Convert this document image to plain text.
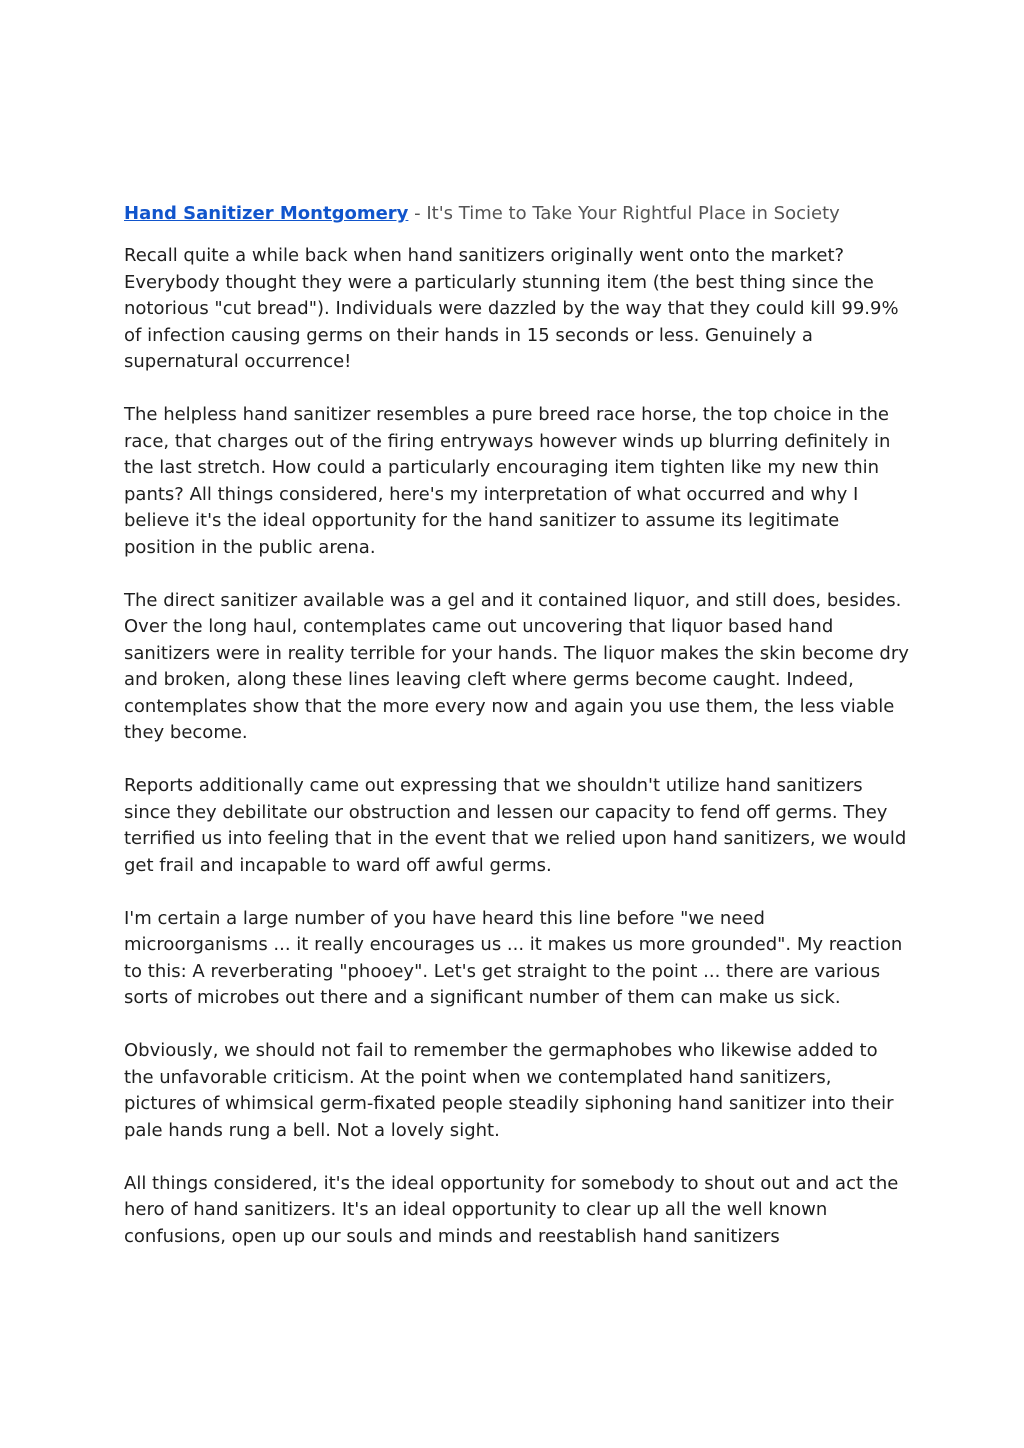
Hand Sanitizer Montgomery - It's Time to Take Your Rightful Place in Society

Recall quite a while back when hand sanitizers originally went onto the market? Everybody thought they were a particularly stunning item (the best thing since the notorious "cut bread"). Individuals were dazzled by the way that they could kill 99.9% of infection causing germs on their hands in 15 seconds or less. Genuinely a supernatural occurrence!

The helpless hand sanitizer resembles a pure breed race horse, the top choice in the race, that charges out of the firing entryways however winds up blurring definitely in the last stretch. How could a particularly encouraging item tighten like my new thin pants? All things considered, here's my interpretation of what occurred and why I believe it's the ideal opportunity for the hand sanitizer to assume its legitimate position in the public arena.

The direct sanitizer available was a gel and it contained liquor, and still does, besides. Over the long haul, contemplates came out uncovering that liquor based hand sanitizers were in reality terrible for your hands. The liquor makes the skin become dry and broken, along these lines leaving cleft where germs become caught. Indeed, contemplates show that the more every now and again you use them, the less viable they become.

Reports additionally came out expressing that we shouldn't utilize hand sanitizers since they debilitate our obstruction and lessen our capacity to fend off germs. They terrified us into feeling that in the event that we relied upon hand sanitizers, we would get frail and incapable to ward off awful germs.

I'm certain a large number of you have heard this line before "we need microorganisms ... it really encourages us ... it makes us more grounded". My reaction to this: A reverberating "phooey". Let's get straight to the point ... there are various sorts of microbes out there and a significant number of them can make us sick.

Obviously, we should not fail to remember the germaphobes who likewise added to the unfavorable criticism. At the point when we contemplated hand sanitizers, pictures of whimsical germ-fixated people steadily siphoning hand sanitizer into their pale hands rung a bell. Not a lovely sight.

All things considered, it's the ideal opportunity for somebody to shout out and act the hero of hand sanitizers. It's an ideal opportunity to clear up all the well known confusions, open up our souls and minds and reestablish hand sanitizers
